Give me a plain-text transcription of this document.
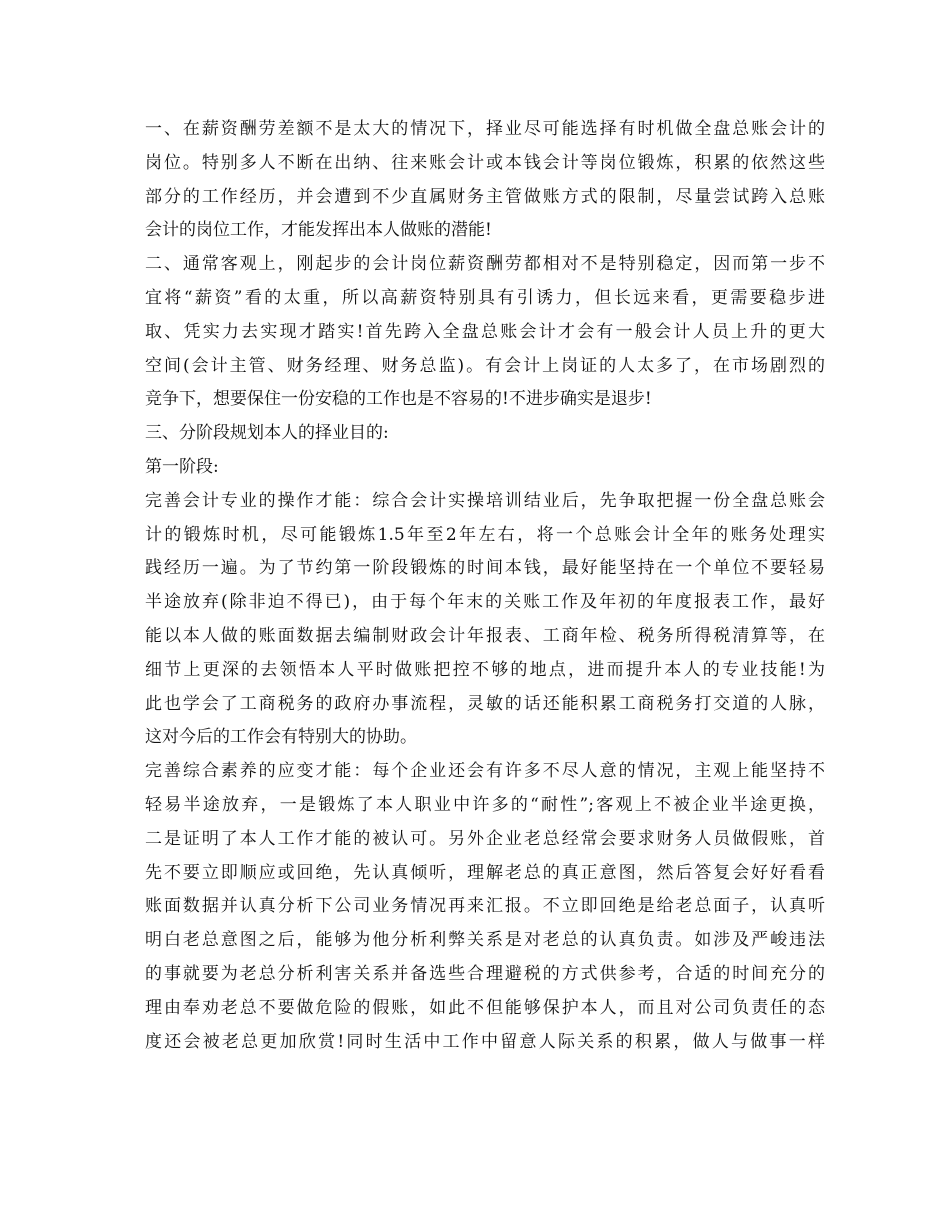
一、在薪资酬劳差额不是太大的情况下，择业尽可能选择有时机做全盘总账会计的
岗位。特别多人不断在出纳、往来账会计或本钱会计等岗位锻炼，积累的依然这些
部分的工作经历，并会遭到不少直属财务主管做账方式的限制，尽量尝试跨入总账
会计的岗位工作，才能发挥出本人做账的潜能!
二、通常客观上，刚起步的会计岗位薪资酬劳都相对不是特别稳定，因而第一步不
宜将“薪资”看的太重，所以高薪资特别具有引诱力，但长远来看，更需要稳步进
取、凭实力去实现才踏实!首先跨入全盘总账会计才会有一般会计人员上升的更大
空间(会计主管、财务经理、财务总监)。有会计上岗证的人太多了，在市场剧烈的
竞争下，想要保住一份安稳的工作也是不容易的!不进步确实是退步!
三、分阶段规划本人的择业目的:
第一阶段:
完善会计专业的操作才能：综合会计实操培训结业后，先争取把握一份全盘总账会
计的锻炼时机，尽可能锻炼1.5年至2年左右，将一个总账会计全年的账务处理实
践经历一遍。为了节约第一阶段锻炼的时间本钱，最好能坚持在一个单位不要轻易
半途放弃(除非迫不得已)，由于每个年末的关账工作及年初的年度报表工作，最好
能以本人做的账面数据去编制财政会计年报表、工商年检、税务所得税清算等，在
细节上更深的去领悟本人平时做账把控不够的地点，进而提升本人的专业技能!为
此也学会了工商税务的政府办事流程，灵敏的话还能积累工商税务打交道的人脉，
这对今后的工作会有特别大的协助。
完善综合素养的应变才能：每个企业还会有许多不尽人意的情况，主观上能坚持不
轻易半途放弃，一是锻炼了本人职业中许多的“耐性”;客观上不被企业半途更换，
二是证明了本人工作才能的被认可。另外企业老总经常会要求财务人员做假账，首
先不要立即顺应或回绝，先认真倾听，理解老总的真正意图，然后答复会好好看看
账面数据并认真分析下公司业务情况再来汇报。不立即回绝是给老总面子，认真听
明白老总意图之后，能够为他分析利弊关系是对老总的认真负责。如涉及严峻违法
的事就要为老总分析利害关系并备选些合理避税的方式供参考，合适的时间充分的
理由奉劝老总不要做危险的假账，如此不但能够保护本人，而且对公司负责任的态
度还会被老总更加欣赏!同时生活中工作中留意人际关系的积累，做人与做事一样
